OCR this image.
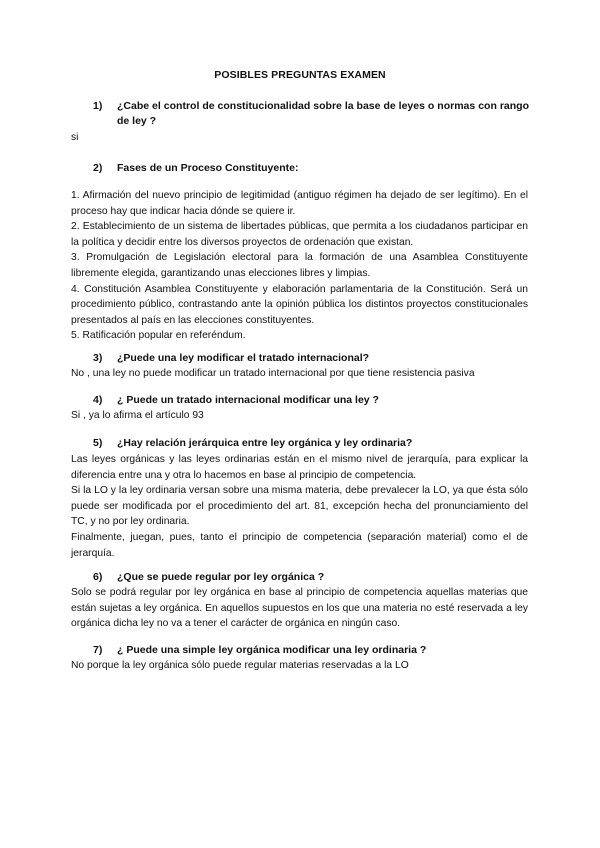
POSIBLES PREGUNTAS EXAMEN
1)	¿Cabe el control de constitucionalidad sobre la base de leyes o normas con rango de ley ?
si
2) Fases de un Proceso Constituyente:

1. Afirmación del nuevo principio de legitimidad (antiguo régimen ha dejado de ser legítimo). En el proceso hay que indicar hacia dónde se quiere ir.

2. Establecimiento de un sistema de libertades públicas, que permita a los ciudadanos participar en la política y decidir entre los diversos proyectos de ordenación que existan.

3. Promulgación de Legislación electoral para la formación de una Asamblea Constituyente libremente elegida, garantizando unas elecciones libres y limpias.

4. Constitución Asamblea Constituyente y elaboración parlamentaria de la Constitución. Será un procedimiento público, contrastando ante la opinión pública los distintos proyectos constitucionales presentados al país en las elecciones constituyentes.

5. Ratificación popular en referéndum.

3) ¿Puede una ley modificar el tratado internacional?
No , una ley no puede modificar un tratado internacional por que tiene resistencia pasiva
4) ¿ Puede un tratado internacional modificar una ley ?
Si , ya lo afirma el artículo 93
5) ¿Hay relación jerárquica entre ley orgánica y ley ordinaria?

Las leyes orgánicas y las leyes ordinarias están en el mismo nivel de jerarquía, para explicar la diferencia entre una y otra lo hacemos en base al principio de competencia.

Si la LO y la ley ordinaria versan sobre una misma materia, debe prevalecer la LO, ya que ésta sólo puede ser modificada por el procedimiento del art. 81, excepción hecha del pronunciamiento del TC, y no por ley ordinaria.

Finalmente, juegan, pues, tanto el principio de competencia (separación material) como el de jerarquía.

6) ¿Que se puede regular por ley orgánica ?
Solo se podrá regular por ley orgánica en base al principio de competencia aquellas materias que están sujetas a ley orgánica. En aquellos supuestos en los que una materia no esté reservada a ley orgánica dicha ley no va a tener el carácter de orgánica en ningún caso.
7) ¿ Puede una simple ley orgánica modificar una ley ordinaria ?
No porque la ley orgánica sólo puede regular materias reservadas a la LO
